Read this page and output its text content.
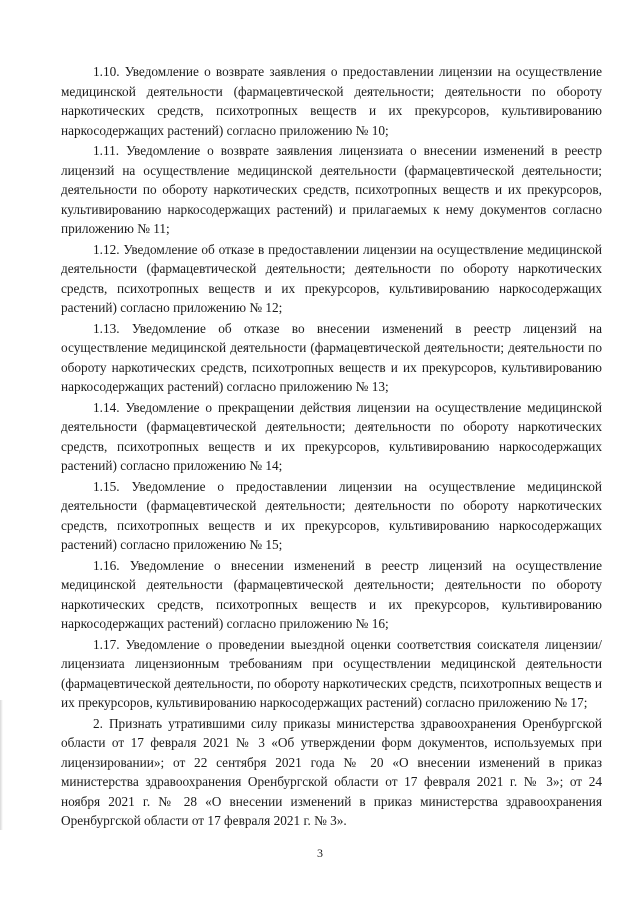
1.10. Уведомление о возврате заявления о предоставлении лицензии на осуществление медицинской деятельности (фармацевтической деятельности; деятельности по обороту наркотических средств, психотропных веществ и их прекурсоров, культивированию наркосодержащих растений) согласно приложению № 10;

1.11. Уведомление о возврате заявления лицензиата о внесении изменений в реестр лицензий на осуществление медицинской деятельности (фармацевтической деятельности; деятельности по обороту наркотических средств, психотропных веществ и их прекурсоров, культивированию наркосодержащих растений) и прилагаемых к нему документов согласно приложению № 11;

1.12. Уведомление об отказе в предоставлении лицензии на осуществление медицинской деятельности (фармацевтической деятельности; деятельности по обороту наркотических средств, психотропных веществ и их прекурсоров, культивированию наркосодержащих растений) согласно приложению № 12;

1.13. Уведомление об отказе во внесении изменений в реестр лицензий на осуществление медицинской деятельности (фармацевтической деятельности; деятельности по обороту наркотических средств, психотропных веществ и их прекурсоров, культивированию наркосодержащих растений) согласно приложению № 13;

1.14. Уведомление о прекращении действия лицензии на осуществление медицинской деятельности (фармацевтической деятельности; деятельности по обороту наркотических средств, психотропных веществ и их прекурсоров, культивированию наркосодержащих растений) согласно приложению № 14;

1.15. Уведомление о предоставлении лицензии на осуществление медицинской деятельности (фармацевтической деятельности; деятельности по обороту наркотических средств, психотропных веществ и их прекурсоров, культивированию наркосодержащих растений) согласно приложению № 15;

1.16. Уведомление о внесении изменений в реестр лицензий на осуществление медицинской деятельности (фармацевтической деятельности; деятельности по обороту наркотических средств, психотропных веществ и их прекурсоров, культивированию наркосодержащих растений) согласно приложению № 16;

1.17. Уведомление о проведении выездной оценки соответствия соискателя лицензии/лицензиата лицензионным требованиям при осуществлении медицинской деятельности (фармацевтической деятельности, по обороту наркотических средств, психотропных веществ и их прекурсоров, культивированию наркосодержащих растений) согласно приложению № 17;

2. Признать утратившими силу приказы министерства здравоохранения Оренбургской области от 17 февраля 2021 № 3 «Об утверждении форм документов, используемых при лицензировании»; от 22 сентября 2021 года № 20 «О внесении изменений в приказ министерства здравоохранения Оренбургской области от 17 февраля 2021 г. № 3»; от 24 ноября 2021 г. № 28 «О внесении изменений в приказ министерства здравоохранения Оренбургской области от 17 февраля 2021 г. № 3».

3
